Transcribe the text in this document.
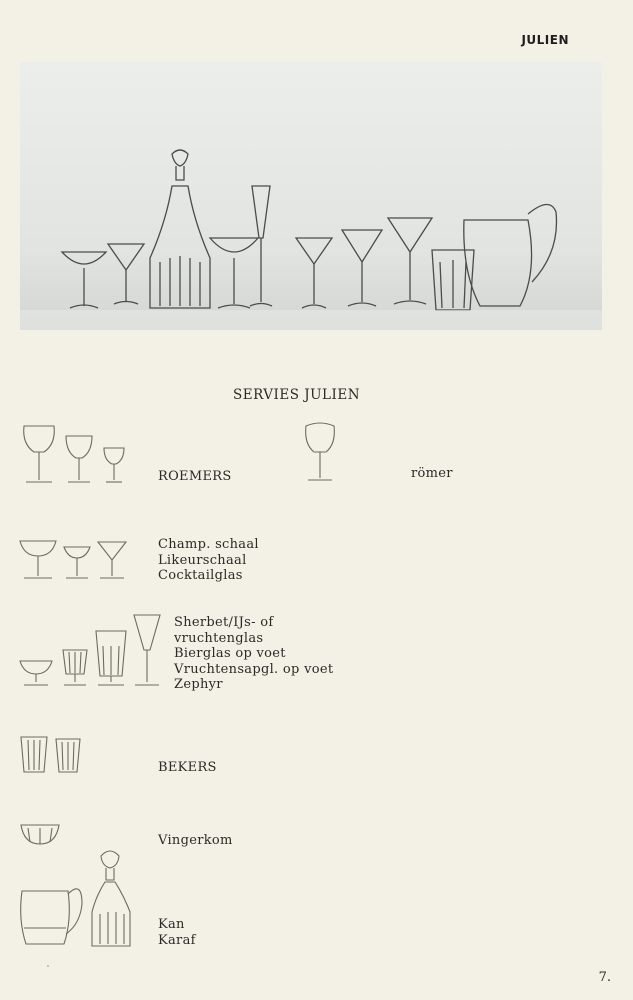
JULIEN
SERVIES JULIEN
ROEMERS	römer
Champ. schaal
Likeurschaal
Cocktailglas
Sherbet/IJs- of
vruchtenglas
Bierglas op voet
Vruchtensapgl. op voet
Zephyr
BEKERS
Vingerkom
Kan
Karaf
7.
